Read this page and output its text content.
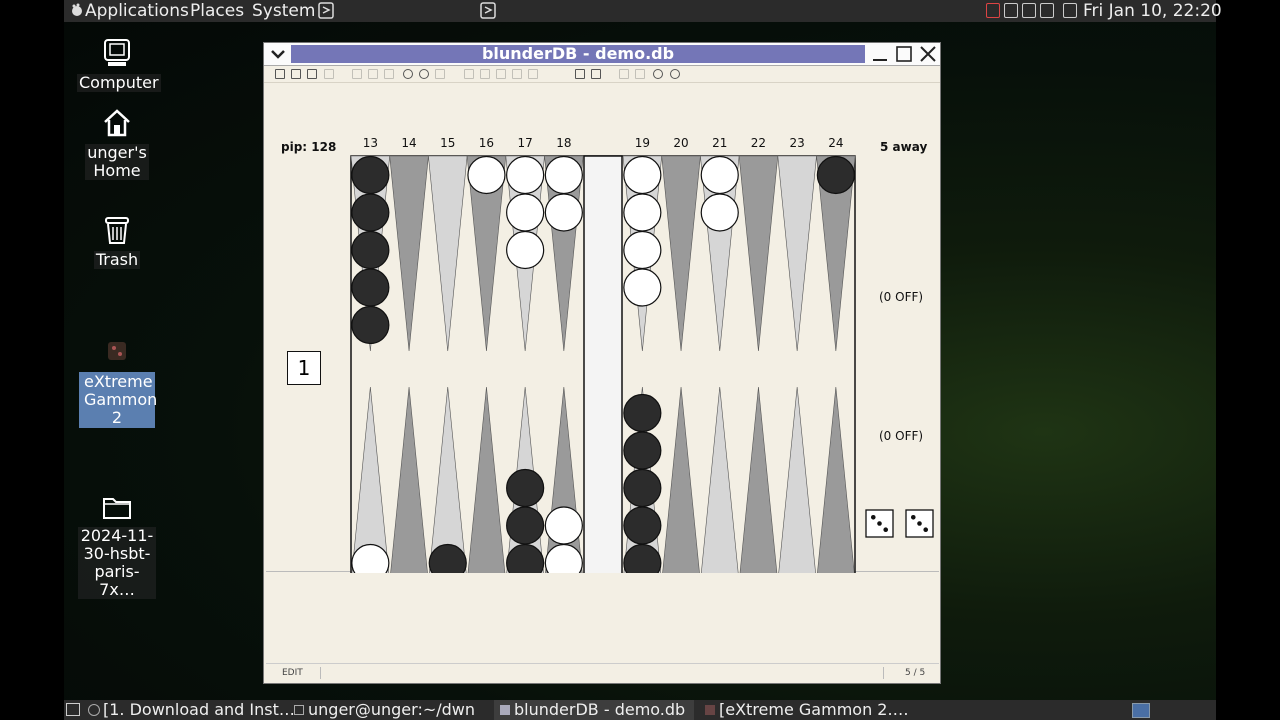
Applications Places System	Fri Jan 10, 22:20
Computer
unger's Home
Trash
eXtreme Gammon 2
2024-11-30-hsbt-paris-7x…
blunderDB - demo.db
pip: 128	5 away
(0 OFF)
(0 OFF)
1
13 14 15 16 17 18	19 20 21 22 23 24
EDIT	5 / 5
[1. Download and Inst… unger@unger:~/dwn	blunderDB - demo.db	[eXtreme Gammon 2.…
